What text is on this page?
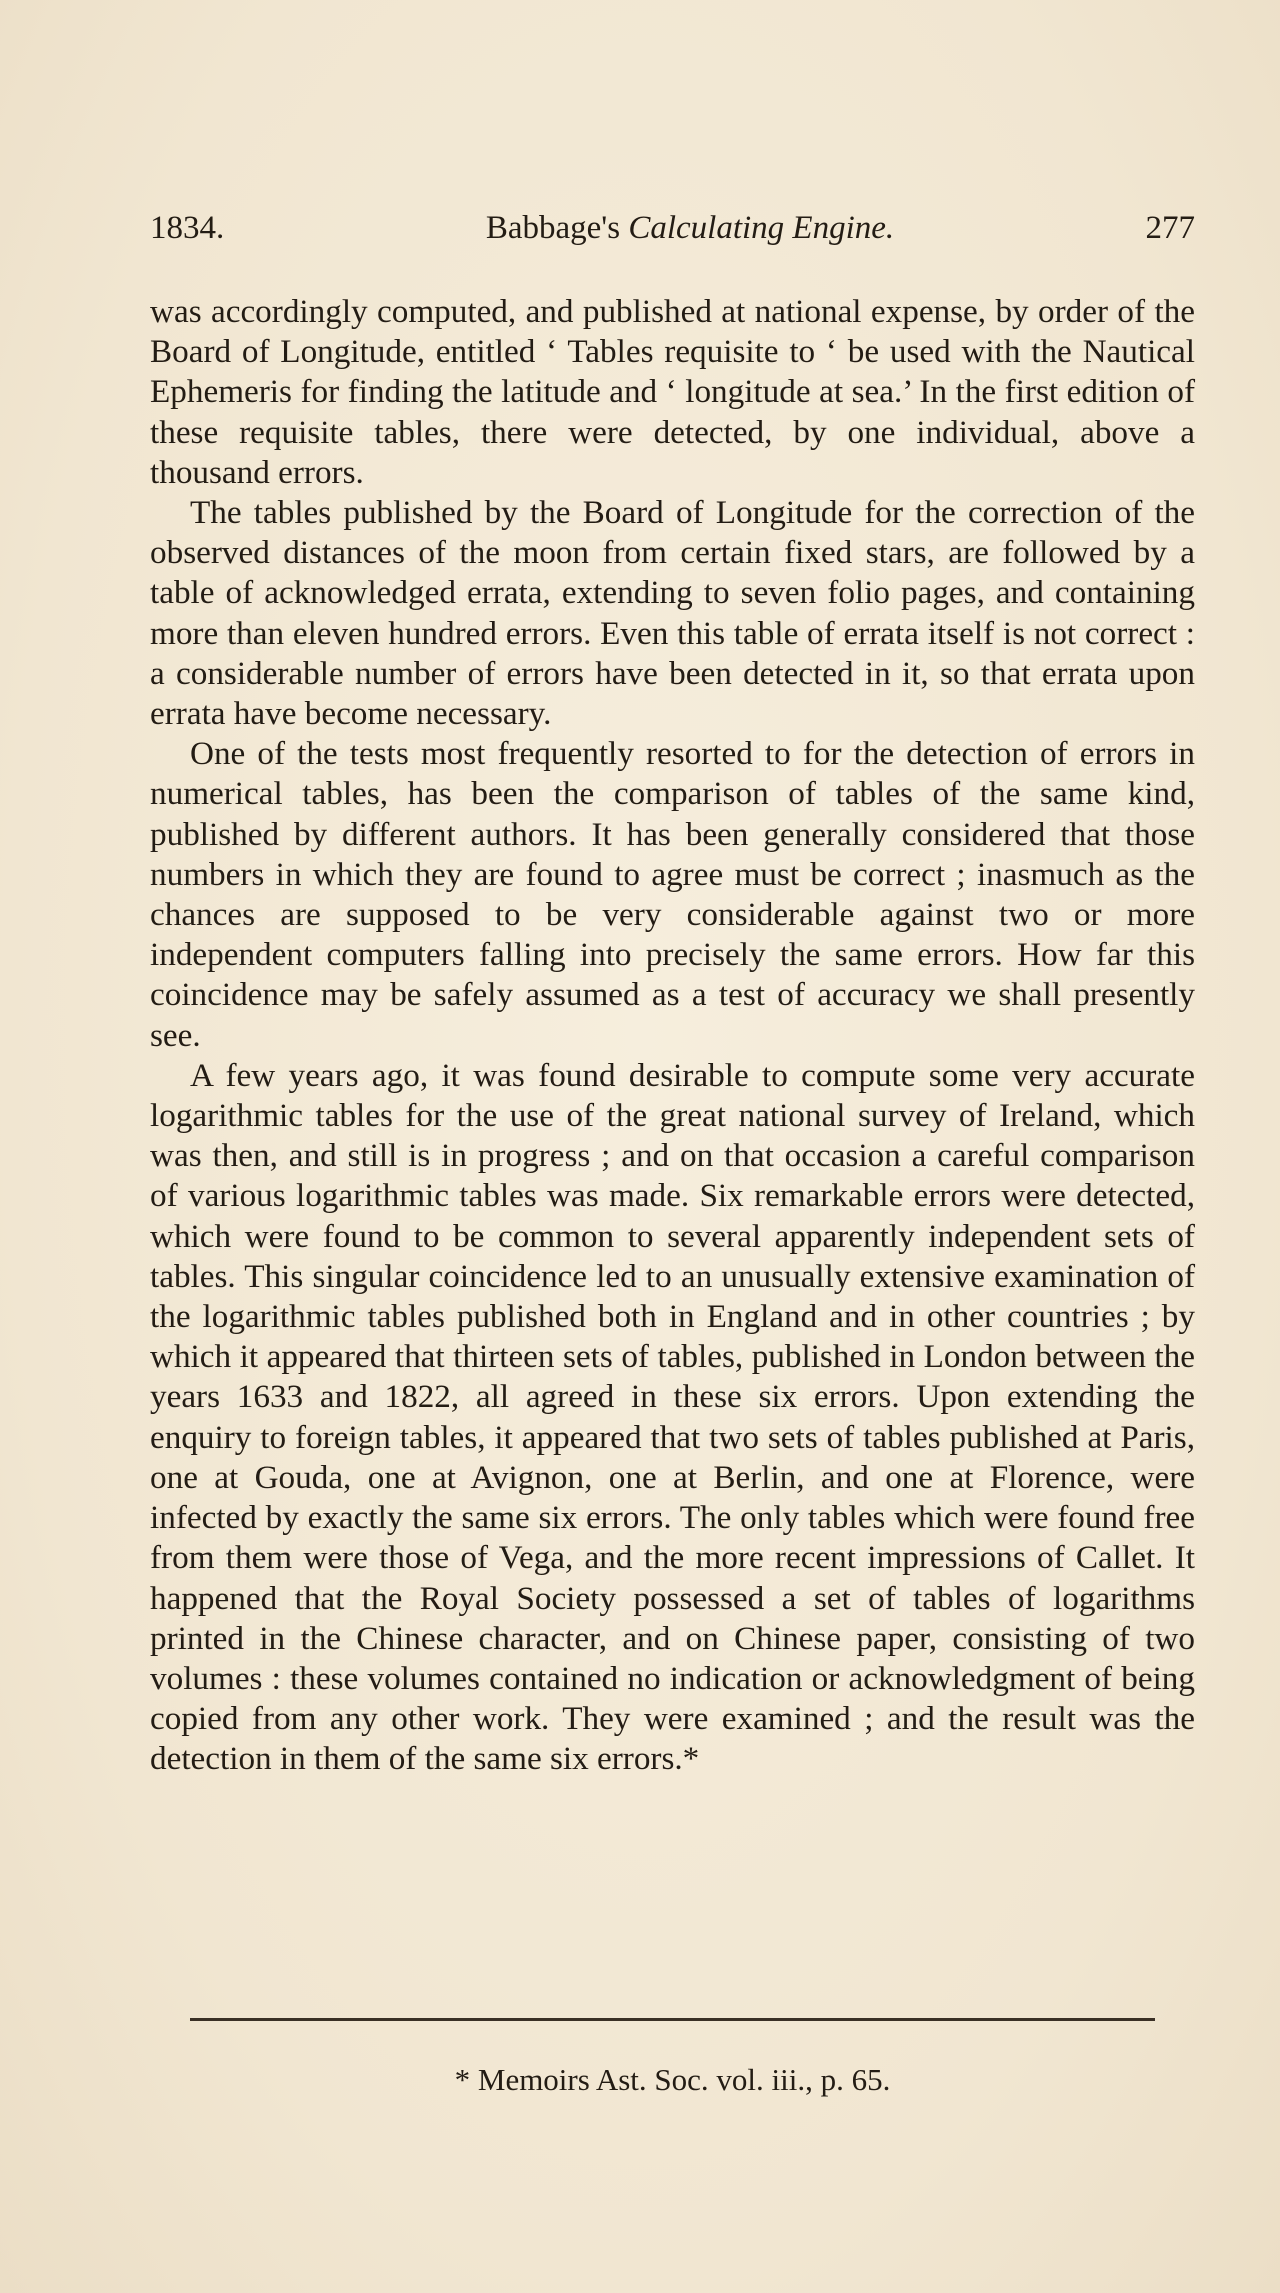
1834.	Babbage's Calculating Engine.	277

was accordingly computed, and published at national expense, by order of the Board of Longitude, entitled ‘ Tables requisite to ‘ be used with the Nautical Ephemeris for finding the latitude and ‘ longitude at sea.’ In the first edition of these requisite tables, there were detected, by one individual, above a thousand errors.

The tables published by the Board of Longitude for the correction of the observed distances of the moon from certain fixed stars, are followed by a table of acknowledged errata, extending to seven folio pages, and containing more than eleven hundred errors. Even this table of errata itself is not correct : a considerable number of errors have been detected in it, so that errata upon errata have become necessary.

One of the tests most frequently resorted to for the detection of errors in numerical tables, has been the comparison of tables of the same kind, published by different authors. It has been generally considered that those numbers in which they are found to agree must be correct ; inasmuch as the chances are supposed to be very considerable against two or more independent computers falling into precisely the same errors. How far this coincidence may be safely assumed as a test of accuracy we shall presently see.

A few years ago, it was found desirable to compute some very accurate logarithmic tables for the use of the great national survey of Ireland, which was then, and still is in progress ; and on that occasion a careful comparison of various logarithmic tables was made. Six remarkable errors were detected, which were found to be common to several apparently independent sets of tables. This singular coincidence led to an unusually extensive examination of the logarithmic tables published both in England and in other countries ; by which it appeared that thirteen sets of tables, published in London between the years 1633 and 1822, all agreed in these six errors. Upon extending the enquiry to foreign tables, it appeared that two sets of tables published at Paris, one at Gouda, one at Avignon, one at Berlin, and one at Florence, were infected by exactly the same six errors. The only tables which were found free from them were those of Vega, and the more recent impressions of Callet. It happened that the Royal Society possessed a set of tables of logarithms printed in the Chinese character, and on Chinese paper, consisting of two volumes : these volumes contained no indication or acknowledgment of being copied from any other work. They were examined ; and the result was the detection in them of the same six errors.*

* Memoirs Ast. Soc. vol. iii., p. 65.
